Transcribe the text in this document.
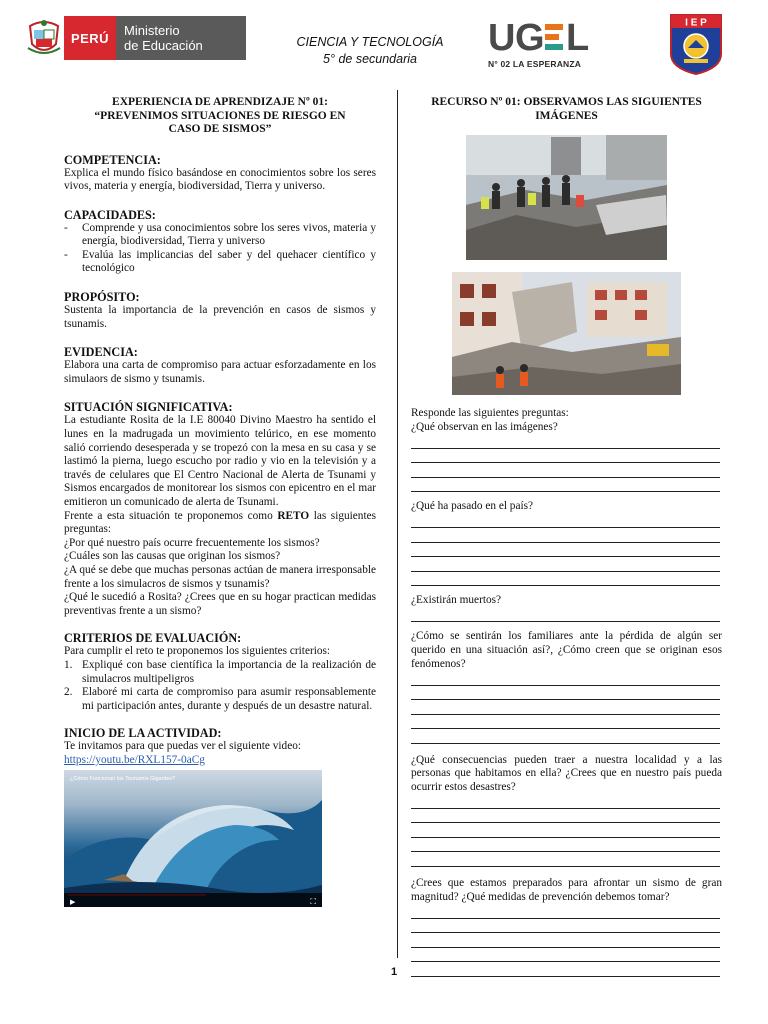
PERÚ	Ministerio
de Educación	CIENCIA Y TECNOLOGÍA
5° de secundaria	U G L
N° 02 LA ESPERANZA
I E P
EXPERIENCIA DE APRENDIZAJE Nº 01:
“PREVENIMOS SITUACIONES DE RIESGO EN
CASO DE SISMOS”
COMPETENCIA:

Explica el mundo físico basándose en conocimientos sobre los seres vivos, materia y energía, biodiversidad, Tierra y universo.

CAPACIDADES:
- Comprende y usa conocimientos sobre los seres vivos, materia y energía, biodiversidad, Tierra y universo
- Evalúa las implicancias del saber y del quehacer científico y tecnológico
PROPÓSITO:

Sustenta la importancia de la prevención en casos de sismos y tsunamis.

EVIDENCIA:

Elabora una carta de compromiso para actuar esforzadamente en los simulaors de sismo y tsunamis.

SITUACIÓN SIGNIFICATIVA:

La estudiante Rosita de la I.E 80040 Divino Maestro ha sentido el lunes en la madrugada un movimiento telúrico, en ese momento salió corriendo desesperada y se tropezó con la mesa en su casa y se lastimó la pierna, luego escucho por radio y vio en la televisión y a través de celulares que El Centro Nacional de Alerta de Tsunami y Sismos encargados de monitorear los sismos con epicentro en el mar emitieron un comunicado de alerta de Tsunami.

Frente a esta situación te proponemos como RETO las siguientes preguntas:

¿Por qué nuestro país ocurre frecuentemente los sismos?

¿Cuáles son las causas que originan los sismos?

¿A qué se debe que muchas personas actúan de manera irresponsable frente a los simulacros de sismos y tsunamis?

¿Qué le sucedió a Rosita? ¿Crees que en su hogar practican medidas preventivas frente a un sismo?

CRITERIOS DE EVALUACIÓN:

Para cumplir el reto te proponemos los siguientes criterios:

1. Expliqué con base científica la importancia de la realización de simulacros multipeligros
2. Elaboré mi carta de compromiso para asumir responsablemente mi participación antes, durante y después de un desastre natural.
INICIO DE LA ACTIVIDAD:

Te invitamos para que puedas ver el siguiente video:

https://youtu.be/RXL157-0aCg
¿Cómo Funcionan los Tsunamis Gigantes?
▶	⛶
RECURSO Nº 01: OBSERVAMOS LAS SIGUIENTES
IMÁGENES

Responde las siguientes preguntas:

¿Qué observan en las imágenes?

¿Qué ha pasado en el país?

¿Existirán muertos?

¿Cómo se sentirán los familiares ante la pérdida de algún ser querido en una situación así?, ¿Cómo creen que se originan esos fenómenos?

¿Qué consecuencias pueden traer a nuestra localidad y a las personas que habitamos en ella? ¿Crees que en nuestro país pueda ocurrir estos desastres?

¿Crees que estamos preparados para afrontar un sismo de gran magnitud? ¿Qué medidas de prevención debemos tomar?

1
